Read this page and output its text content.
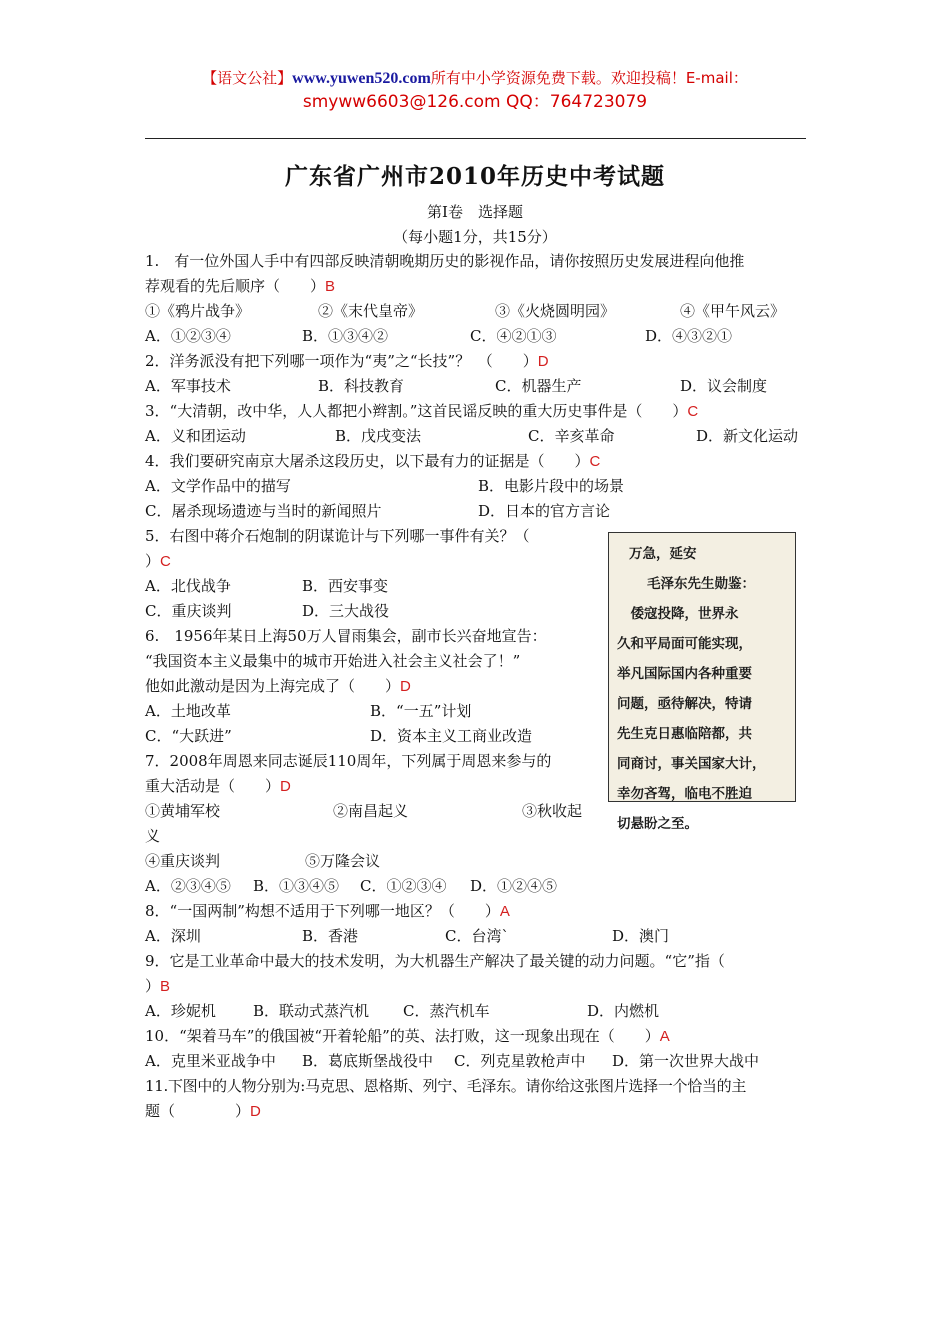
【语文公社】www.yuwen520.com所有中小学资源免费下载。欢迎投稿！E-mail：
smyww6603@126.com QQ：764723079
广东省广州市2010年历史中考试题
第Ⅰ卷　选择题
（每小题1分，共15分）
1.　有一位外国人手中有四部反映清朝晚期历史的影视作品，请你按照历史发展进程向他推
荐观看的先后顺序（　　）B
①《鸦片战争》	②《末代皇帝》	③《火烧圆明园》	④《甲午风云》
A．①②③④	B．①③④②	C．④②①③	D．④③②①
2．洋务派没有把下列哪一项作为“夷”之“长技”？　（　　）D
A．军事技术	B．科技教育	C．机器生产	D．议会制度
3．“大清朝，改中华，人人都把小辫割。”这首民谣反映的重大历史事件是（　　）C
A．义和团运动	B．戊戌变法	C．辛亥革命	D．新文化运动
4．我们要研究南京大屠杀这段历史，以下最有力的证据是（　　）C
A．文学作品中的描写	B．电影片段中的场景
C．屠杀现场遗迹与当时的新闻照片	D．日本的官方言论
5．右图中蒋介石炮制的阴谋诡计与下列哪一事件有关？（
）C
A．北伐战争	B．西安事变
C．重庆谈判	D．三大战役
万急，延安
毛泽东先生勋鉴：
　倭寇投降，世界永
久和平局面可能实现，
举凡国际国内各种重要
问题，亟待解决，特请
先生克日惠临陪都，共
同商讨，事关国家大计，
幸勿吝驾，临电不胜迫
切悬盼之至。
6.　1956年某日上海50万人冒雨集会，副市长兴奋地宣告：
“我国资本主义最集中的城市开始进入社会主义社会了！”
他如此激动是因为上海完成了（　　）D
A．土地改革	B．“一五”计划
C．“大跃进”	D．资本主义工商业改造
7．2008年周恩来同志诞辰110周年，下列属于周恩来参与的
重大活动是（　　）D
①黄埔军校	②南昌起义	③秋收起
义
④重庆谈判	⑤万隆会议
A．②③④⑤ B．①③④⑤ C．①②③④ D．①②④⑤
8．“一国两制”构想不适用于下列哪一地区？（　　）A
A．深圳	B．香港	C．台湾`	D．澳门
9．它是工业革命中最大的技术发明，为大机器生产解决了最关键的动力问题。“它”指（
）B
A．珍妮机 B．联动式蒸汽机 C．蒸汽机车	D．内燃机
10．“架着马车”的俄国被“开着轮船”的英、法打败，这一现象出现在（　　）A
A．克里米亚战争中 B．葛底斯堡战役中 C．列克星敦枪声中 D．第一次世界大战中
11.下图中的人物分别为:马克思、恩格斯、列宁、毛泽东。请你给这张图片选择一个恰当的主
题（　　　　）D
